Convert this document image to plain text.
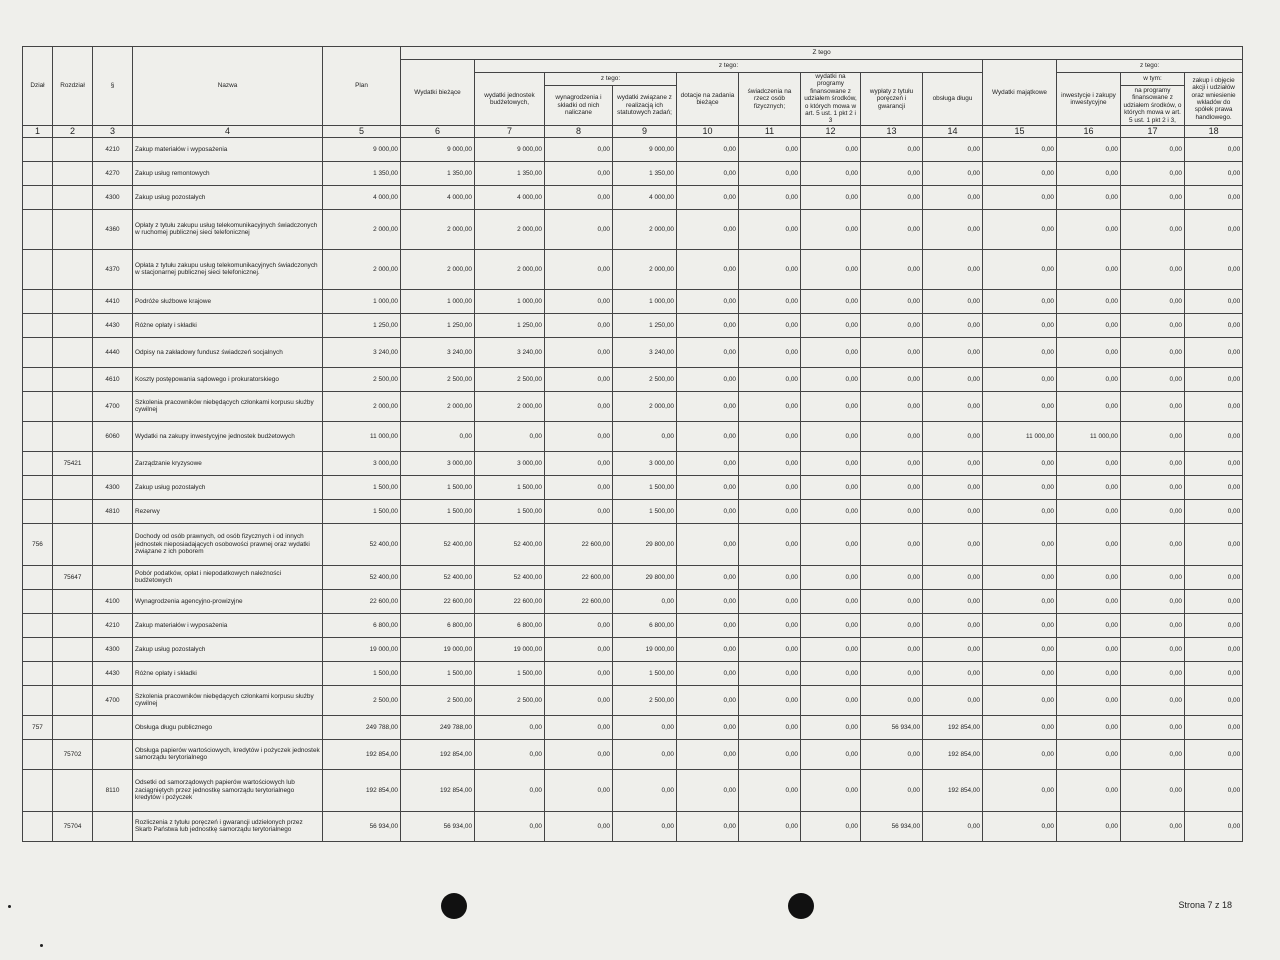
Dział	Rozdział	§	Nazwa	Plan	Z tego												
					Wydatki bieżące	z tego:								Wydatki majątkowe	z tego:		
						wydatki jednostek budżetowych,	z tego:		dotacje na zadania bieżące	świadczenia na rzecz osób fizycznych;	wydatki na programy finansowane z udziałem środków, o których mowa w art. 5 ust. 1 pkt 2 i 3	wypłaty z tytułu poręczeń i gwarancji	obsługa długu		inwestycje i zakupy inwestycyjne	w tym:	zakup i objęcie akcji i udziałów oraz wniesienie wkładów do spółek prawa handlowego.
							wynagrodzenia i składki od nich naliczane	wydatki związane z realizacją ich statutowych zadań;								na programy finansowane z udziałem środków, o których mowa w art. 5 ust. 1 pkt 2 i 3,	

1	2	3	4	5	6	7	8	9	10	11	12	13	14	15	16	17	18
		4210	Zakup materiałów i wyposażenia	9 000,00	9 000,00	9 000,00	0,00	9 000,00	0,00	0,00	0,00	0,00	0,00	0,00	0,00	0,00	0,00
		4270	Zakup usług remontowych	1 350,00	1 350,00	1 350,00	0,00	1 350,00	0,00	0,00	0,00	0,00	0,00	0,00	0,00	0,00	0,00
		4300	Zakup usług pozostałych	4 000,00	4 000,00	4 000,00	0,00	4 000,00	0,00	0,00	0,00	0,00	0,00	0,00	0,00	0,00	0,00
		4360	Opłaty z tytułu zakupu usług telekomunikacyjnych świadczonych w ruchomej publicznej sieci telefonicznej	2 000,00	2 000,00	2 000,00	0,00	2 000,00	0,00	0,00	0,00	0,00	0,00	0,00	0,00	0,00	0,00
		4370	Opłata z tytułu zakupu usług telekomunikacyjnych świadczonych w stacjonarnej publicznej sieci telefonicznej.	2 000,00	2 000,00	2 000,00	0,00	2 000,00	0,00	0,00	0,00	0,00	0,00	0,00	0,00	0,00	0,00
		4410	Podróże służbowe krajowe	1 000,00	1 000,00	1 000,00	0,00	1 000,00	0,00	0,00	0,00	0,00	0,00	0,00	0,00	0,00	0,00
		4430	Różne opłaty i składki	1 250,00	1 250,00	1 250,00	0,00	1 250,00	0,00	0,00	0,00	0,00	0,00	0,00	0,00	0,00	0,00
		4440	Odpisy na zakładowy fundusz świadczeń socjalnych	3 240,00	3 240,00	3 240,00	0,00	3 240,00	0,00	0,00	0,00	0,00	0,00	0,00	0,00	0,00	0,00
		4610	Koszty postępowania sądowego i prokuratorskiego	2 500,00	2 500,00	2 500,00	0,00	2 500,00	0,00	0,00	0,00	0,00	0,00	0,00	0,00	0,00	0,00
		4700	Szkolenia pracowników niebędących członkami korpusu służby cywilnej	2 000,00	2 000,00	2 000,00	0,00	2 000,00	0,00	0,00	0,00	0,00	0,00	0,00	0,00	0,00	0,00
		6060	Wydatki na zakupy inwestycyjne jednostek budżetowych	11 000,00	0,00	0,00	0,00	0,00	0,00	0,00	0,00	0,00	0,00	11 000,00	11 000,00	0,00	0,00
	75421		Zarządzanie kryzysowe	3 000,00	3 000,00	3 000,00	0,00	3 000,00	0,00	0,00	0,00	0,00	0,00	0,00	0,00	0,00	0,00
		4300	Zakup usług pozostałych	1 500,00	1 500,00	1 500,00	0,00	1 500,00	0,00	0,00	0,00	0,00	0,00	0,00	0,00	0,00	0,00
		4810	Rezerwy	1 500,00	1 500,00	1 500,00	0,00	1 500,00	0,00	0,00	0,00	0,00	0,00	0,00	0,00	0,00	0,00
756			Dochody od osób prawnych, od osób fizycznych i od innych jednostek nieposiadających osobowości prawnej oraz wydatki związane z ich poborem	52 400,00	52 400,00	52 400,00	22 600,00	29 800,00	0,00	0,00	0,00	0,00	0,00	0,00	0,00	0,00	0,00
	75647		Pobór podatków, opłat i niepodatkowych należności budżetowych	52 400,00	52 400,00	52 400,00	22 600,00	29 800,00	0,00	0,00	0,00	0,00	0,00	0,00	0,00	0,00	0,00
		4100	Wynagrodzenia agencyjno-prowizyjne	22 600,00	22 600,00	22 600,00	22 600,00	0,00	0,00	0,00	0,00	0,00	0,00	0,00	0,00	0,00	0,00
		4210	Zakup materiałów i wyposażenia	6 800,00	6 800,00	6 800,00	0,00	6 800,00	0,00	0,00	0,00	0,00	0,00	0,00	0,00	0,00	0,00
		4300	Zakup usług pozostałych	19 000,00	19 000,00	19 000,00	0,00	19 000,00	0,00	0,00	0,00	0,00	0,00	0,00	0,00	0,00	0,00
		4430	Różne opłaty i składki	1 500,00	1 500,00	1 500,00	0,00	1 500,00	0,00	0,00	0,00	0,00	0,00	0,00	0,00	0,00	0,00
		4700	Szkolenia pracowników niebędących członkami korpusu służby cywilnej	2 500,00	2 500,00	2 500,00	0,00	2 500,00	0,00	0,00	0,00	0,00	0,00	0,00	0,00	0,00	0,00
757			Obsługa długu publicznego	249 788,00	249 788,00	0,00	0,00	0,00	0,00	0,00	0,00	56 934,00	192 854,00	0,00	0,00	0,00	0,00
	75702		Obsługa papierów wartościowych, kredytów i pożyczek jednostek samorządu terytorialnego	192 854,00	192 854,00	0,00	0,00	0,00	0,00	0,00	0,00	0,00	192 854,00	0,00	0,00	0,00	0,00
		8110	Odsetki od samorządowych papierów wartościowych lub zaciągniętych przez jednostkę samorządu terytorialnego kredytów i pożyczek	192 854,00	192 854,00	0,00	0,00	0,00	0,00	0,00	0,00	0,00	192 854,00	0,00	0,00	0,00	0,00
	75704		Rozliczenia z tytułu poręczeń i gwarancji udzielonych przez Skarb Państwa lub jednostkę samorządu terytorialnego	56 934,00	56 934,00	0,00	0,00	0,00	0,00	0,00	0,00	56 934,00	0,00	0,00	0,00	0,00	0,00
Strona 7 z 18
